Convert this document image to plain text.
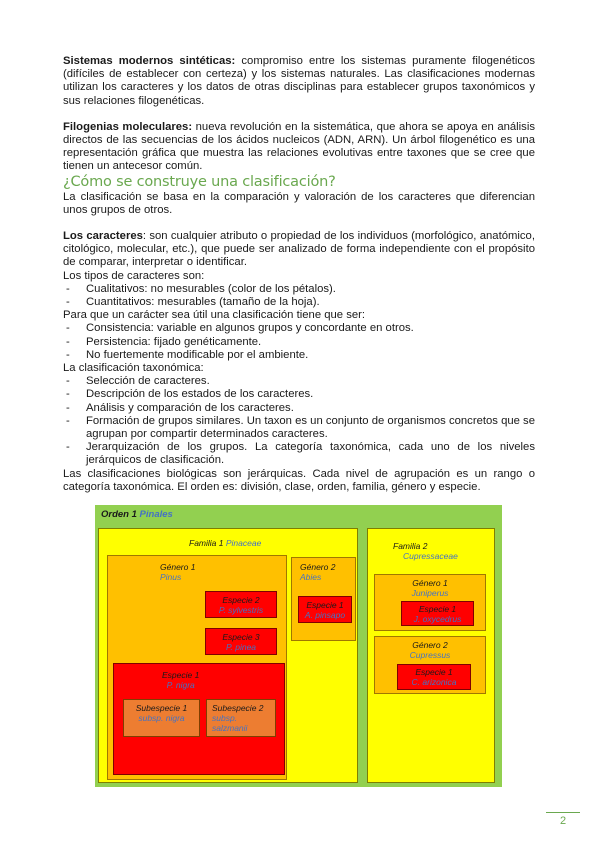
Sistemas modernos sintéticas: compromiso entre los sistemas puramente filogenéticos (difíciles de establecer con certeza) y los sistemas naturales. Las clasificaciones modernas utilizan los caracteres y los datos de otras disciplinas para establecer grupos taxonómicos y sus relaciones filogenéticas.

Filogenias moleculares: nueva revolución en la sistemática, que ahora se apoya en análisis directos de las secuencias de los ácidos nucleicos (ADN, ARN). Un árbol filogenético es una representación gráfica que muestra las relaciones evolutivas entre taxones que se cree que tienen un antecesor común.

¿Cómo se construye una clasificación?

La clasificación se basa en la comparación y valoración de los caracteres que diferencian unos grupos de otros.

Los caracteres: son cualquier atributo o propiedad de los individuos (morfológico, anatómico, citológico, molecular, etc.), que puede ser analizado de forma independiente con el propósito de comparar, interpretar o identificar.

Los tipos de caracteres son:

- Cualitativos: no mesurables (color de los pétalos).
- Cuantitativos: mesurables (tamaño de la hoja).

Para que un carácter sea útil una clasificación tiene que ser:

- Consistencia: variable en algunos grupos y concordante en otros.
- Persistencia: fijado genéticamente.
- No fuertemente modificable por el ambiente.

La clasificación taxonómica:

- Selección de caracteres.
- Descripción de los estados de los caracteres.
- Análisis y comparación de los caracteres.
- Formación de grupos similares. Un taxon es un conjunto de organismos concretos que se agrupan por compartir determinados caracteres.
- Jerarquización de los grupos. La categoría taxonómica, cada uno de los niveles jerárquicos de clasificación.

Las clasificaciones biológicas son jerárquicas. Cada nivel de agrupación es un rango o categoría taxonómica. El orden es: división, clase, orden, familia, género y especie.

Orden 1 Pinales
Familia 1 Pinaceae
Género 1
Pinus
Especie 2
P. sylvestris
Especie 3
P. pinea
Especie 1
P. nigra
Subespecie 1
subsp. nigra
Subespecie 2
subsp. salzmanii
Género 2
Abies
Especie 1
A. pinsapo
Familia 2
Cupressaceae
Género 1
Juniperus
Especie 1
J. oxycedrus
Género 2
Cupressus
Especie 1
C. arizonica
2
